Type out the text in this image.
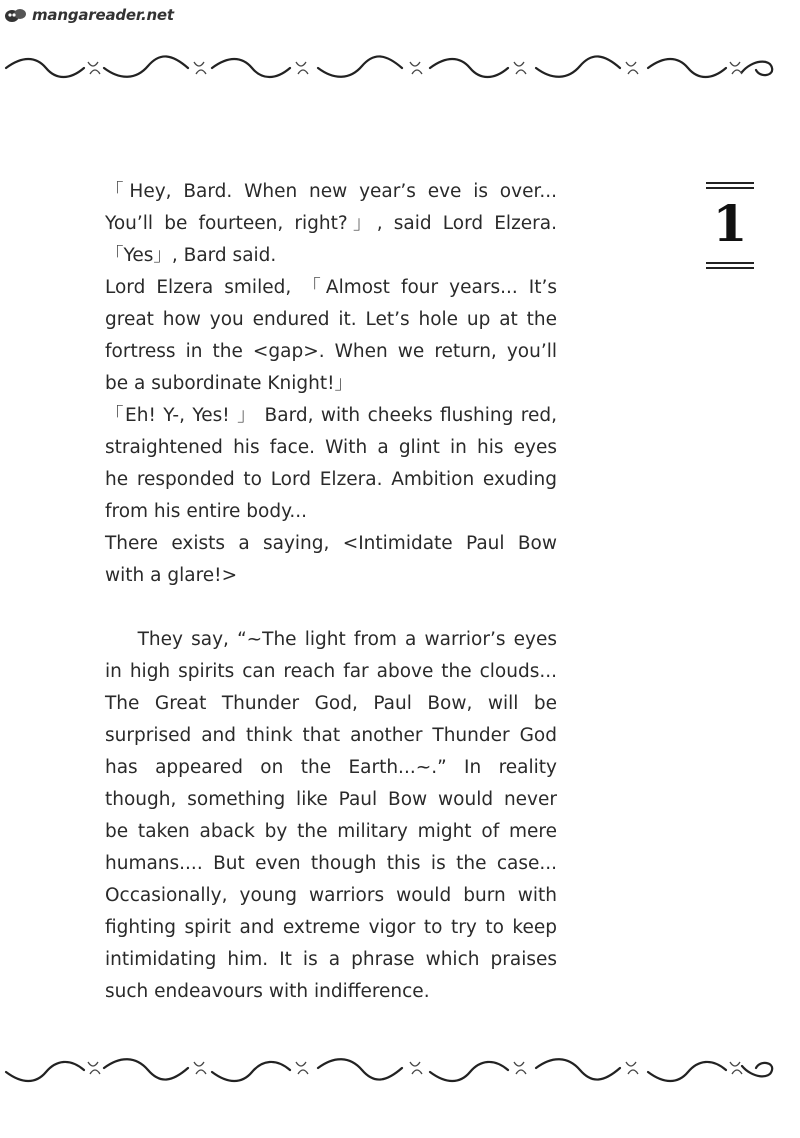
mangareader.net
1
「Hey, Bard. When new year’s eve is over...
You’ll be fourteen, right?」, said Lord Elzera.
「Yes」, Bard said.
Lord Elzera smiled, 「Almost four years... It’s
great how you endured it. Let’s hole up at the
fortress in the <gap>. When we return, you’ll
be a subordinate Knight!」
「Eh! Y-, Yes! 」 Bard, with cheeks flushing red,
straightened his face. With a glint in his eyes
he responded to Lord Elzera. Ambition exuding
from his entire body...
There exists a saying, <Intimidate Paul Bow
with a glare!>
They say, “~The light from a warrior’s eyes
in high spirits can reach far above the clouds...
The Great Thunder God, Paul Bow, will be
surprised and think that another Thunder God
has appeared on the Earth...~.” In reality
though, something like Paul Bow would never
be taken aback by the military might of mere
humans.... But even though this is the case...
Occasionally, young warriors would burn with
fighting spirit and extreme vigor to try to keep
intimidating him. It is a phrase which praises
such endeavours with indifference.
